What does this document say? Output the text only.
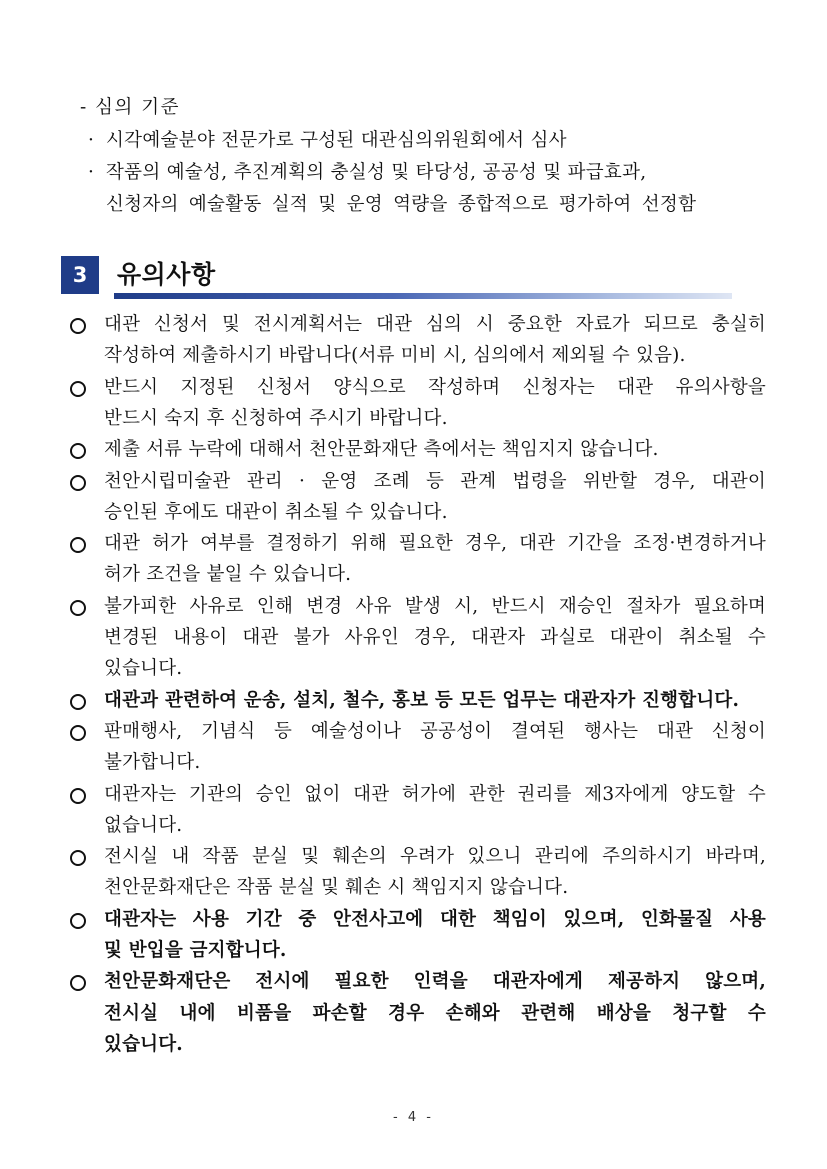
- 심의 기준
· 시각예술분야 전문가로 구성된 대관심의위원회에서 심사
· 작품의 예술성, 추진계획의 충실성 및 타당성, 공공성 및 파급효과,
신청자의 예술활동 실적 및 운영 역량을 종합적으로 평가하여 선정함
3	유의사항
대관 신청서 및 전시계획서는 대관 심의 시 중요한 자료가 되므로 충실히
작성하여 제출하시기 바랍니다(서류 미비 시, 심의에서 제외될 수 있음).
반드시 지정된 신청서 양식으로 작성하며 신청자는 대관 유의사항을
반드시 숙지 후 신청하여 주시기 바랍니다.
제출 서류 누락에 대해서 천안문화재단 측에서는 책임지지 않습니다.
천안시립미술관 관리 · 운영 조례 등 관계 법령을 위반할 경우, 대관이
승인된 후에도 대관이 취소될 수 있습니다.
대관 허가 여부를 결정하기 위해 필요한 경우, 대관 기간을 조정·변경하거나
허가 조건을 붙일 수 있습니다.
불가피한 사유로 인해 변경 사유 발생 시, 반드시 재승인 절차가 필요하며
변경된 내용이 대관 불가 사유인 경우, 대관자 과실로 대관이 취소될 수
있습니다.
대관과 관련하여 운송, 설치, 철수, 홍보 등 모든 업무는 대관자가 진행합니다.
판매행사, 기념식 등 예술성이나 공공성이 결여된 행사는 대관 신청이
불가합니다.
대관자는 기관의 승인 없이 대관 허가에 관한 권리를 제3자에게 양도할 수
없습니다.
전시실 내 작품 분실 및 훼손의 우려가 있으니 관리에 주의하시기 바라며,
천안문화재단은 작품 분실 및 훼손 시 책임지지 않습니다.
대관자는 사용 기간 중 안전사고에 대한 책임이 있으며, 인화물질 사용
및 반입을 금지합니다.
천안문화재단은 전시에 필요한 인력을 대관자에게 제공하지 않으며,
전시실 내에 비품을 파손할 경우 손해와 관련해 배상을 청구할 수
있습니다.
- 4 -
